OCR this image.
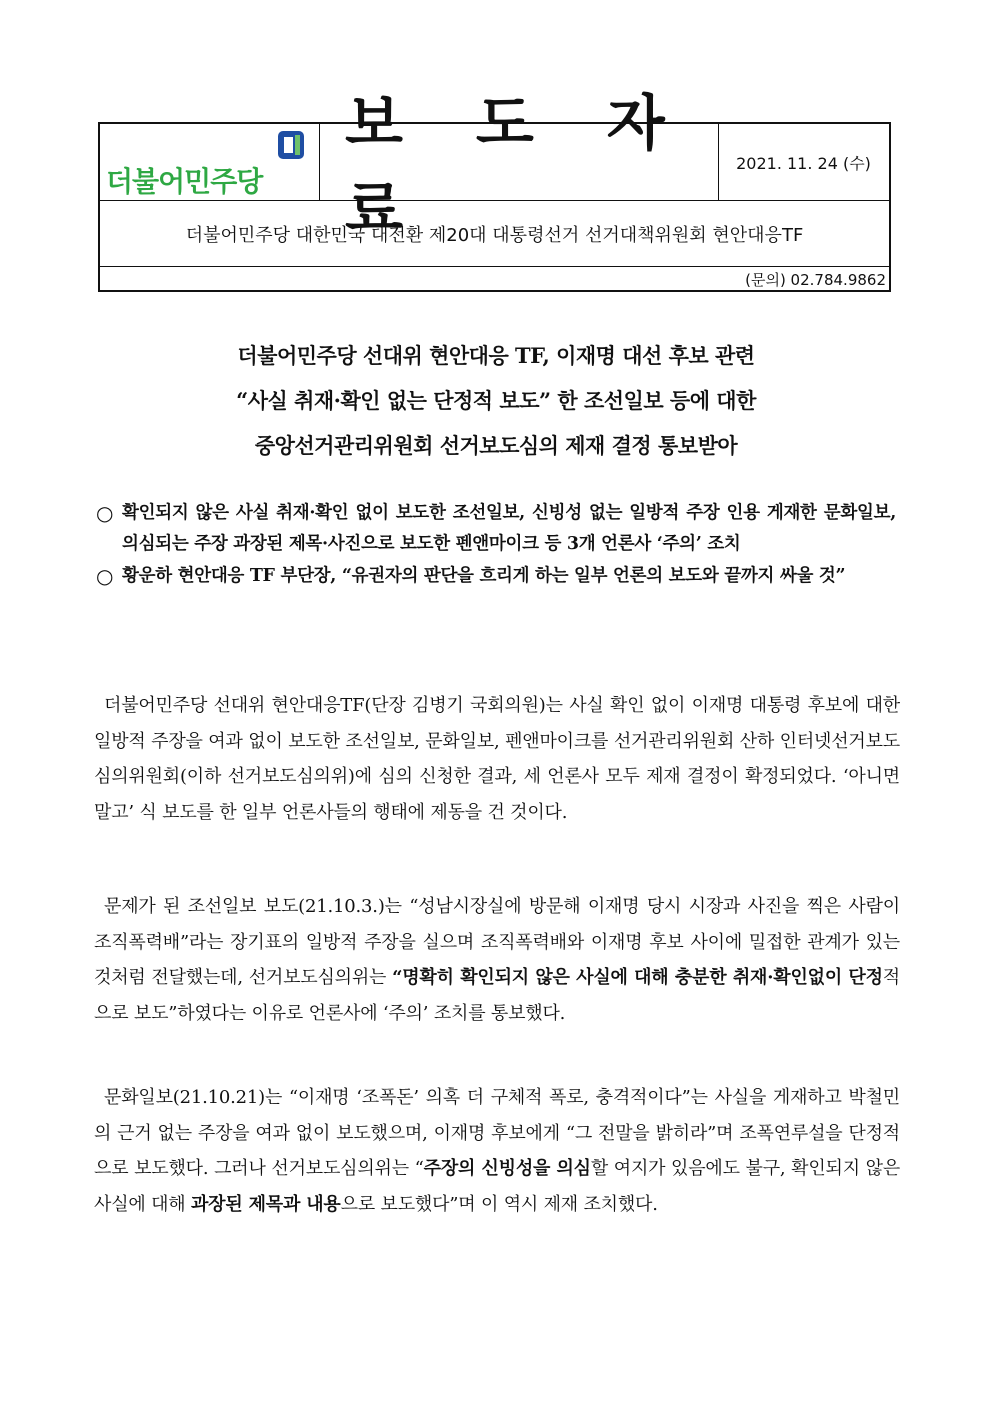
더불어민주당
보 도 자 료
2021. 11. 24 (수)
더불어민주당 대한민국 대전환 제20대 대통령선거 선거대책위원회 현안대응TF
(문의) 02.784.9862
더불어민주당 선대위 현안대응 TF, 이재명 대선 후보 관련
“사실 취재·확인 없는 단정적 보도” 한 조선일보 등에 대한
중앙선거관리위원회 선거보도심의 제재 결정 통보받아
○ 확인되지 않은 사실 취재·확인 없이 보도한 조선일보, 신빙성 없는 일방적 주장 인용 게재한 문화일보, 의심되는 주장 과장된 제목·사진으로 보도한 펜앤마이크 등 3개 언론사 ‘주의’ 조치
○ 황운하 현안대응 TF 부단장, “유권자의 판단을 흐리게 하는 일부 언론의 보도와 끝까지 싸울 것”

더불어민주당 선대위 현안대응TF(단장 김병기 국회의원)는 사실 확인 없이 이재명 대통령 후보에 대한 일방적 주장을 여과 없이 보도한 조선일보, 문화일보, 펜앤마이크를 선거관리위원회 산하 인터넷선거보도심의위원회(이하 선거보도심의위)에 심의 신청한 결과, 세 언론사 모두 제재 결정이 확정되었다. ‘아니면 말고’ 식 보도를 한 일부 언론사들의 행태에 제동을 건 것이다.

문제가 된 조선일보 보도(21.10.3.)는 “성남시장실에 방문해 이재명 당시 시장과 사진을 찍은 사람이 조직폭력배”라는 장기표의 일방적 주장을 실으며 조직폭력배와 이재명 후보 사이에 밀접한 관계가 있는 것처럼 전달했는데, 선거보도심의위는 “명확히 확인되지 않은 사실에 대해 충분한 취재·확인없이 단정적으로 보도”하였다는 이유로 언론사에 ‘주의’ 조치를 통보했다.

문화일보(21.10.21)는 “이재명 ‘조폭돈’ 의혹 더 구체적 폭로, 충격적이다”는 사실을 게재하고 박철민의 근거 없는 주장을 여과 없이 보도했으며, 이재명 후보에게 “그 전말을 밝히라”며 조폭연루설을 단정적으로 보도했다. 그러나 선거보도심의위는 “주장의 신빙성을 의심할 여지가 있음에도 불구, 확인되지 않은 사실에 대해 과장된 제목과 내용으로 보도했다”며 이 역시 제재 조치했다.
